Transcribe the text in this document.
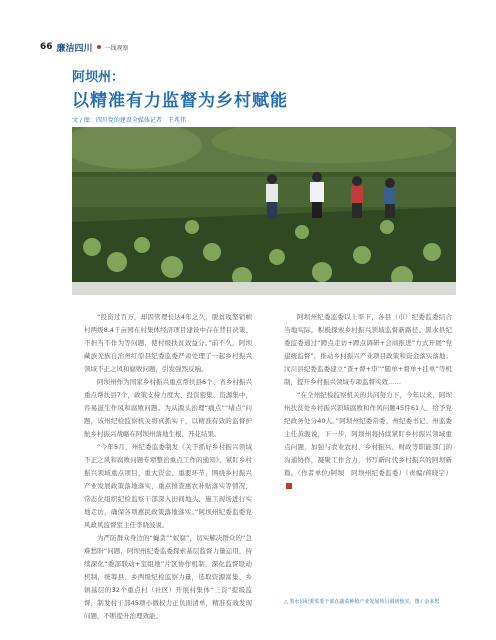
66 廉洁四川 一线观察
阿坝州：
以精准有力监督为乡村赋能
文 / 图：四川党的建设全媒体记者　王兆伟

“投资过百万，却因管理长达4年之久，脱贫攻坚销帧村两级8.4千亩园在村集体经济项目建设中存在背目决策、不担当不作为等问题，使村级扶贫效益分。”前不久，阿坝藏族羌族自治州红原县纪委监委严肃处理了一起乡村振兴领域不正之风和腐败问题，引发强烈反响。

阿坝州作为国家乡村振兴重点帮扶县6个、省乡村振兴重点帮扶县7个，政策支持力度大、投资密集、资源集中，容易滋生作风和腐败问题。为从源头治理“痛点”“堵点”问题，该州纪检监察机关将真抓实干，以精准有效的监督护航乡村振兴战略在阿坝州落地生根、开花结果。

“今年5月，州纪委监委制发《关于抓好乡村振兴领域不正之风和腐败问题专项整治重点工作的通知》，紧盯乡村振兴领域重点项目、重大资金、重要环节，围绕乡村振兴产业发展政策落地落实，重点排查惠农补贴落实等情况，常态化组织纪检监察干部深入田间地头、施工现场进行实地走访，确保各项惠民政策落地落实。”阿坝州纪委监委党风政风监督室主任李晓波说。

为严防群众身边的“蝇贪”“蚁腐”，切实解决群众的“急难愁盼”问题，阿坝州纪委监委探索基层监督力量运用，持续深化“委部联动+室组地”片区协作机制，深化监督联动机制，统筹县、乡两级纪检监察力量，选取资源富集、乡镇基层的32个重点村（社区）开展村集体“三资”提级监督，制发村干部45项小微权力正负面清单，精准有效发现问题，不断提升治理效能。

阿坝州纪委监委以上率下，各县（市）纪委监委结合当地实际，积极探索乡村振兴领域监督新路径。黑水县纪委监委通过“蹲点走访+蹲点调研+会商推进”方式开展“党建统监督”，推动乡村振兴产业项目政策和资金落实落地；汶川县纪委监委建立“查+督+审”“随单+督单+挂单”等机制，提升乡村振兴领域专项监督实效……

“在全州纪检监察机关的共同努力下，今年以来，阿坝州扶贫处乡村振兴领域腐败和作风问题45件61人，给予党纪政务处分40人。”阿坝州纪委常委、州纪委书记、州监委主任黄骏说，下一步，阿坝州将持续紧盯乡村振兴领域重点问题，加强与农业农村、乡村振兴、财政等职能部门的沟通协作，凝聚工作合力，书写新时代乡村振兴的阿坝新篇。（作者单位/阿坝　阿坝州纪委监委）（责编/蒋晓宇）

△ 黑水县纪委监委干部在蔬菜种植产业发展项目调研核实。图 / 金多黑
